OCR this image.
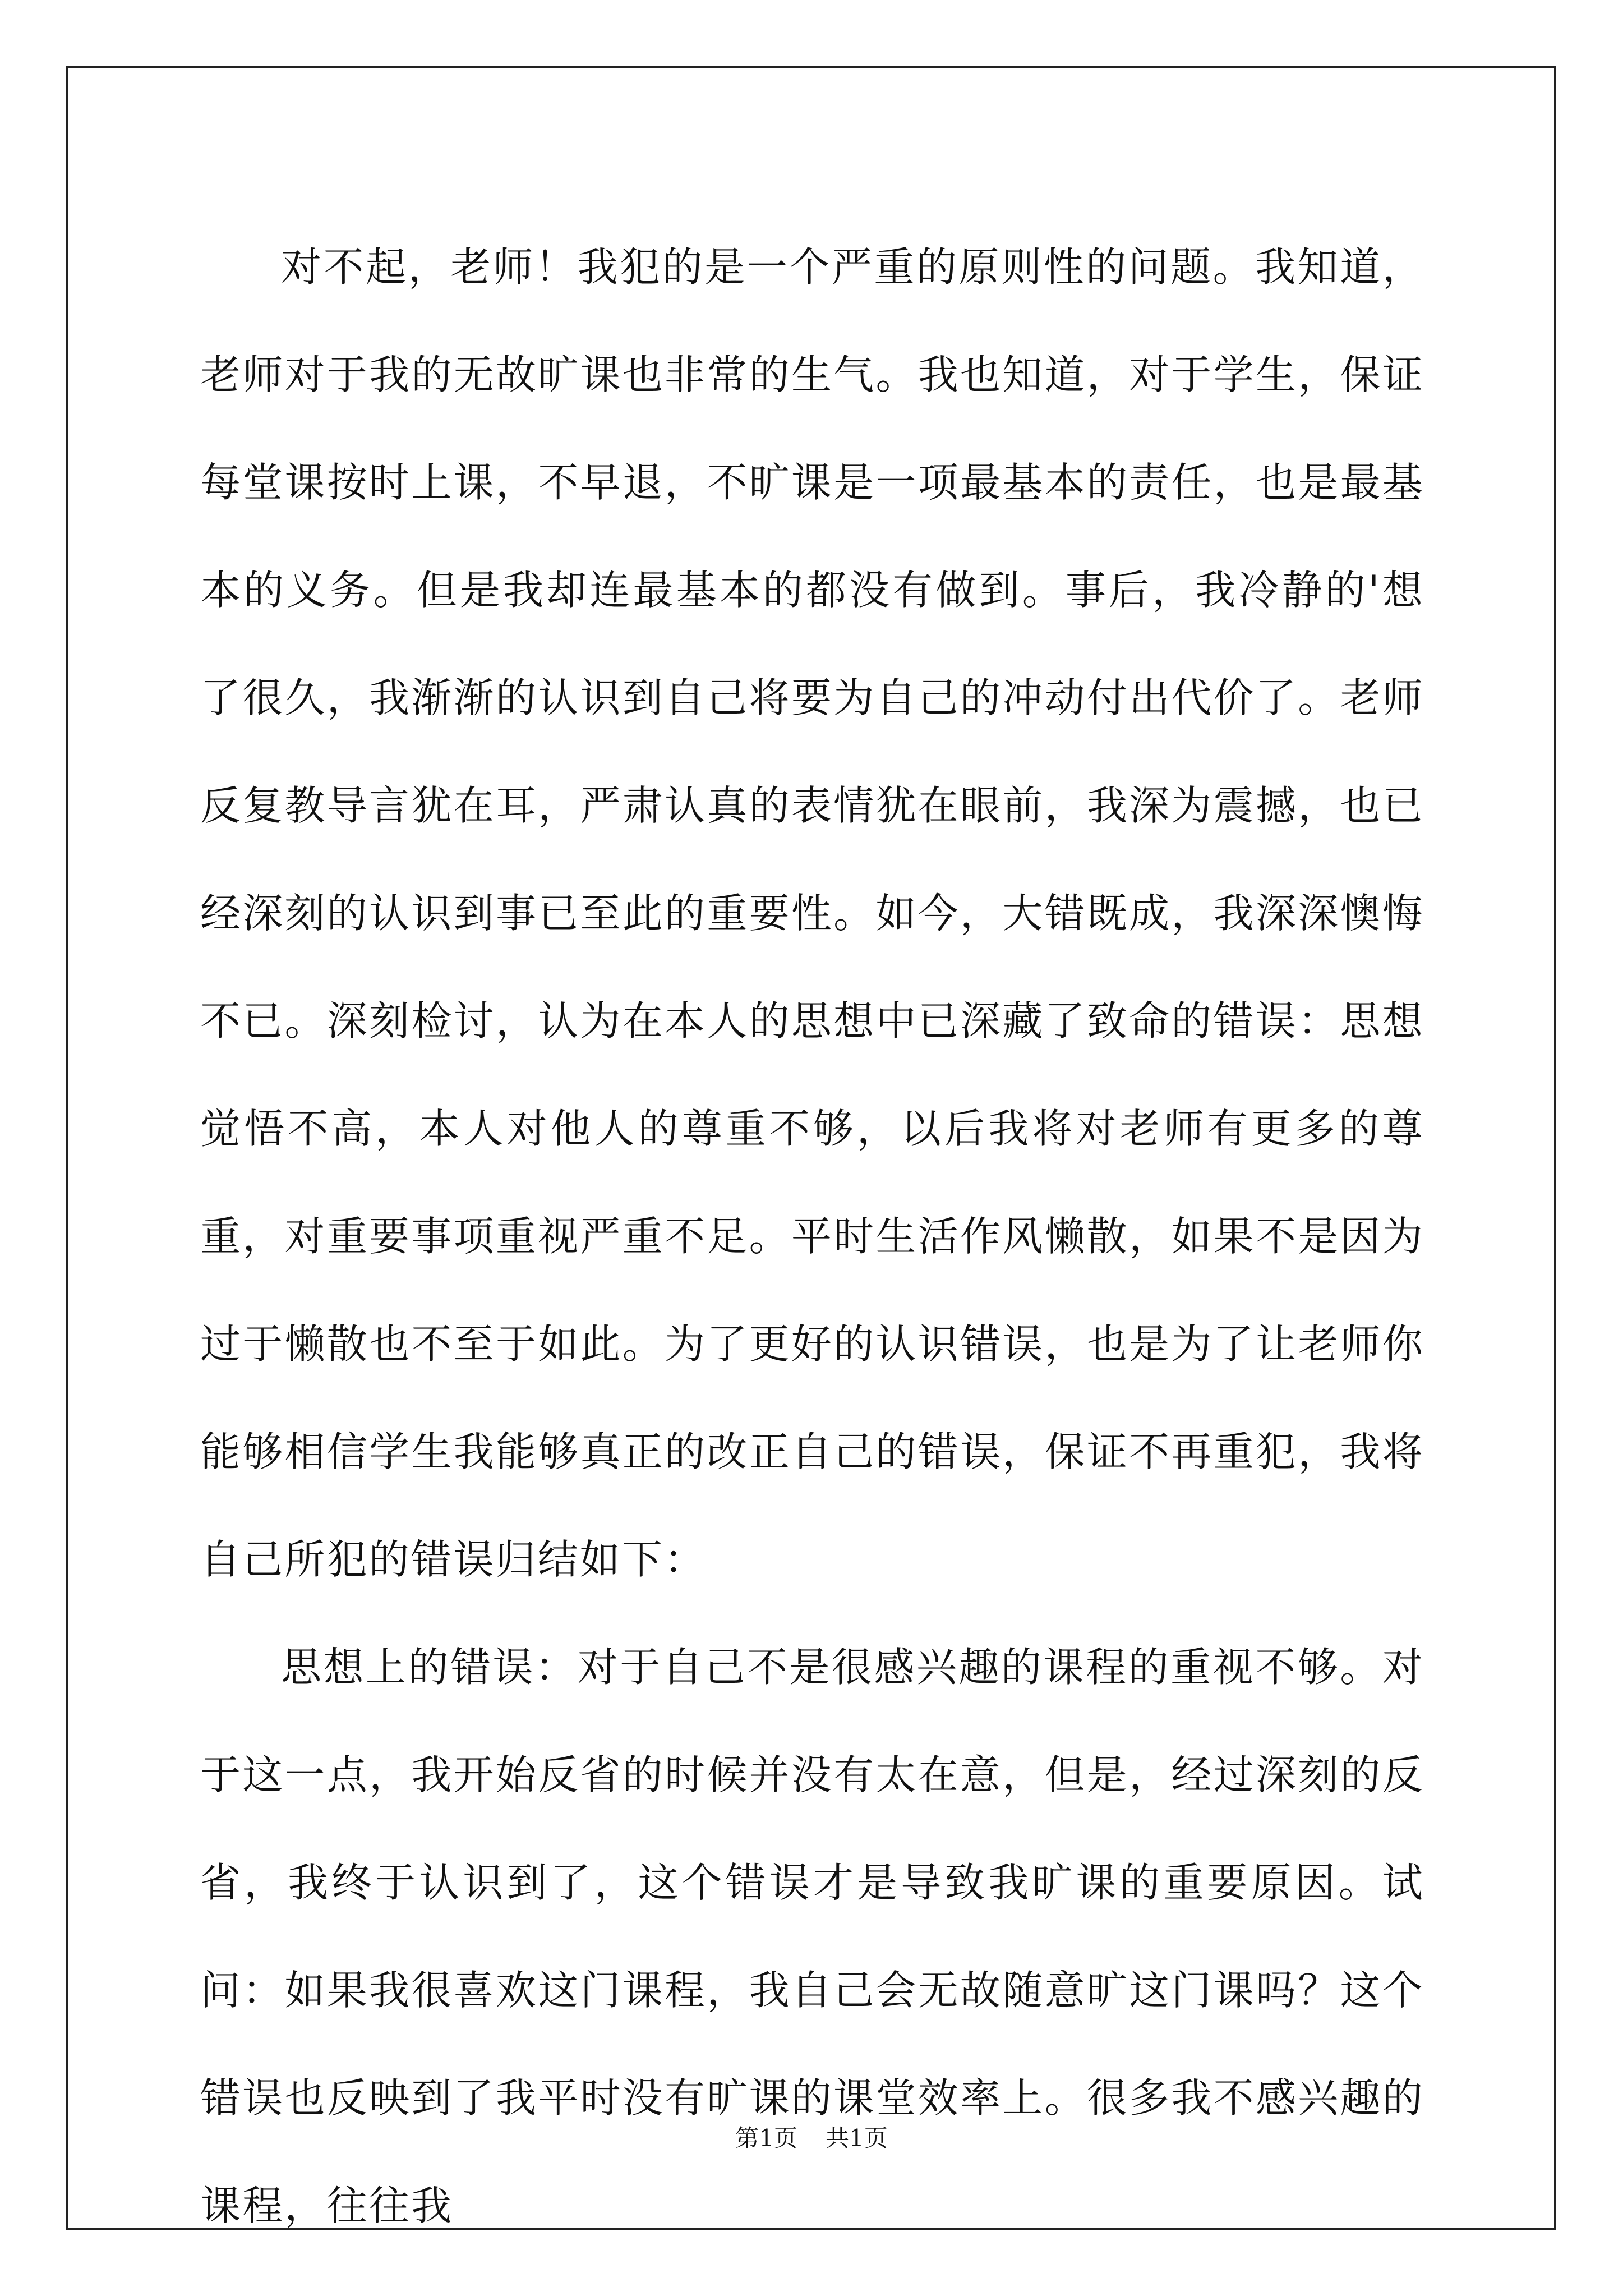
对不起，老师！我犯的是一个严重的原则性的问题。我知道，老师对于我的无故旷课也非常的生气。我也知道，对于学生，保证每堂课按时上课，不早退，不旷课是一项最基本的责任，也是最基本的义务。但是我却连最基本的都没有做到。事后，我冷静的'想了很久，我渐渐的认识到自己将要为自己的冲动付出代价了。老师反复教导言犹在耳，严肃认真的表情犹在眼前，我深为震撼，也已经深刻的认识到事已至此的重要性。如今，大错既成，我深深懊悔不已。深刻检讨，认为在本人的思想中已深藏了致命的错误：思想觉悟不高，本人对他人的尊重不够，以后我将对老师有更多的尊重，对重要事项重视严重不足。平时生活作风懒散，如果不是因为过于懒散也不至于如此。为了更好的认识错误，也是为了让老师你能够相信学生我能够真正的改正自己的错误，保证不再重犯，我将自己所犯的错误归结如下：

思想上的错误：对于自己不是很感兴趣的课程的重视不够。对于这一点，我开始反省的时候并没有太在意，但是，经过深刻的反省，我终于认识到了，这个错误才是导致我旷课的重要原因。试问：如果我很喜欢这门课程，我自己会无故随意旷这门课吗？这个错误也反映到了我平时没有旷课的课堂效率上。很多我不感兴趣的课程，往往我

第1页 共1页
